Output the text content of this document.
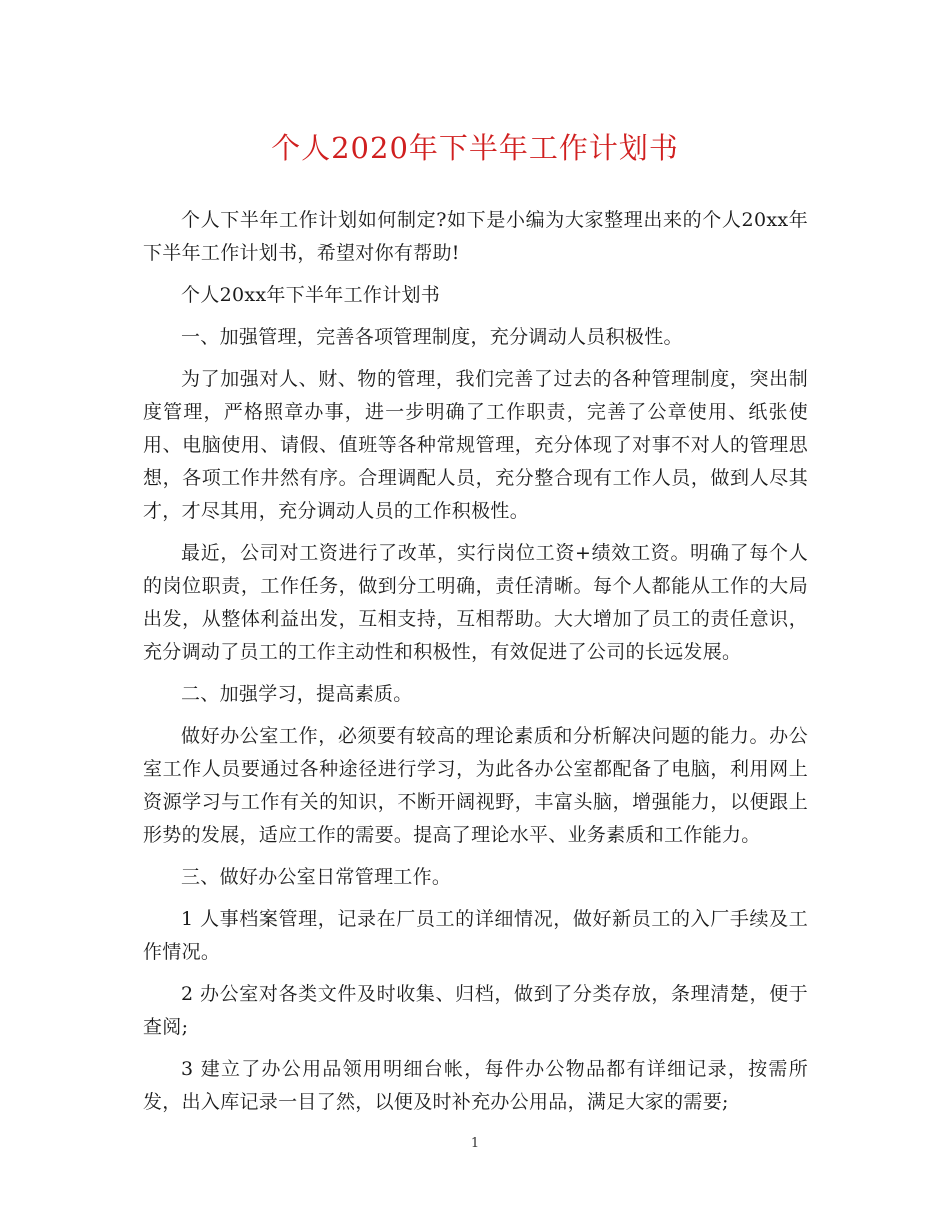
个人2020年下半年工作计划书

个人下半年工作计划如何制定?如下是小编为大家整理出来的个人20xx年下半年工作计划书，希望对你有帮助!

个人20xx年下半年工作计划书

一、加强管理，完善各项管理制度，充分调动人员积极性。

为了加强对人、财、物的管理，我们完善了过去的各种管理制度，突出制度管理，严格照章办事，进一步明确了工作职责，完善了公章使用、纸张使用、电脑使用、请假、值班等各种常规管理，充分体现了对事不对人的管理思想，各项工作井然有序。合理调配人员，充分整合现有工作人员，做到人尽其才，才尽其用，充分调动人员的工作积极性。

最近，公司对工资进行了改革，实行岗位工资+绩效工资。明确了每个人的岗位职责，工作任务，做到分工明确，责任清晰。每个人都能从工作的大局出发，从整体利益出发，互相支持，互相帮助。大大增加了员工的责任意识，充分调动了员工的工作主动性和积极性，有效促进了公司的长远发展。

二、加强学习，提高素质。

做好办公室工作，必须要有较高的理论素质和分析解决问题的能力。办公室工作人员要通过各种途径进行学习，为此各办公室都配备了电脑，利用网上资源学习与工作有关的知识，不断开阔视野，丰富头脑，增强能力，以便跟上形势的发展，适应工作的需要。提高了理论水平、业务素质和工作能力。

三、做好办公室日常管理工作。

1 人事档案管理，记录在厂员工的详细情况，做好新员工的入厂手续及工作情况。

2 办公室对各类文件及时收集、归档，做到了分类存放，条理清楚，便于查阅;

3 建立了办公用品领用明细台帐，每件办公物品都有详细记录，按需所发，出入库记录一目了然，以便及时补充办公用品，满足大家的需要;

1
